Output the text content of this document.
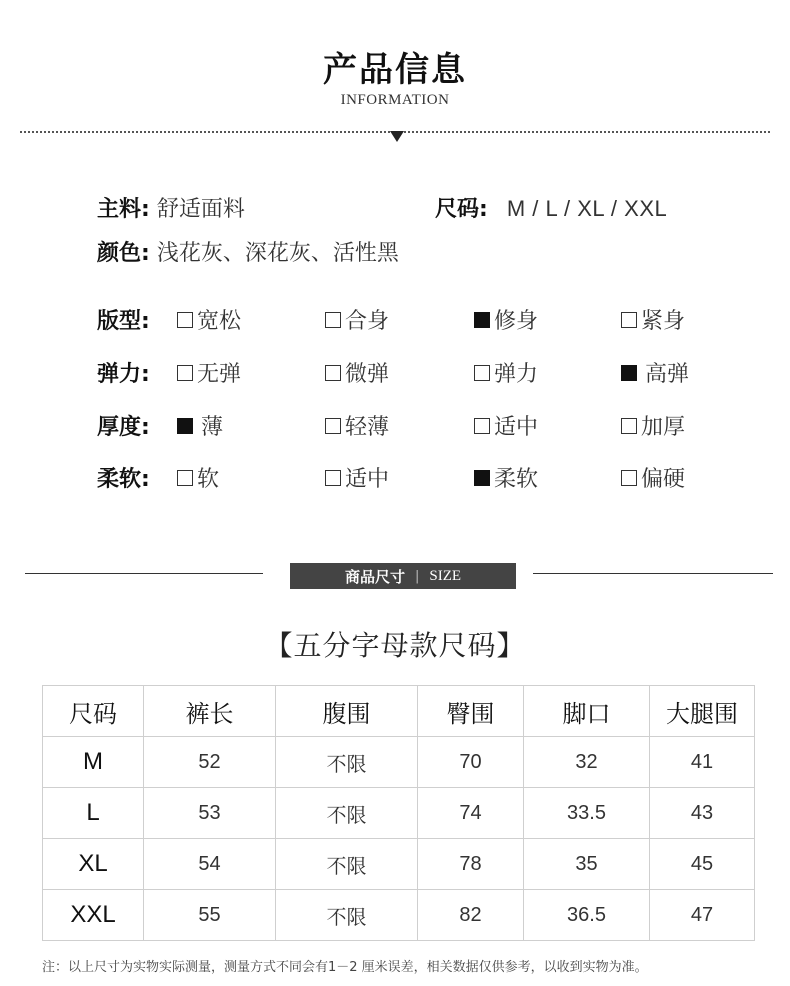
产品信息
INFORMATION
主料: 舒适面料	尺码: M / L / XL / XXL
颜色: 浅花灰、深花灰、活性黑
版型: 宽松	合身	修身	紧身
弹力: 无弹	微弹	弹力	高弹
厚度: 薄	轻薄	适中	加厚
柔软: 软	适中	柔软	偏硬
商品尺寸 | SIZE
【五分字母款尺码】
尺码	裤长	腹围	臀围	脚口	大腿围
M	52	不限	70	32	41
L	53	不限	74	33.5	43
XL	54	不限	78	35	45
XXL	55	不限	82	36.5	47
注：以上尺寸为实物实际测量，测量方式不同会有1－2 厘米误差，相关数据仅供参考，以收到实物为准。
